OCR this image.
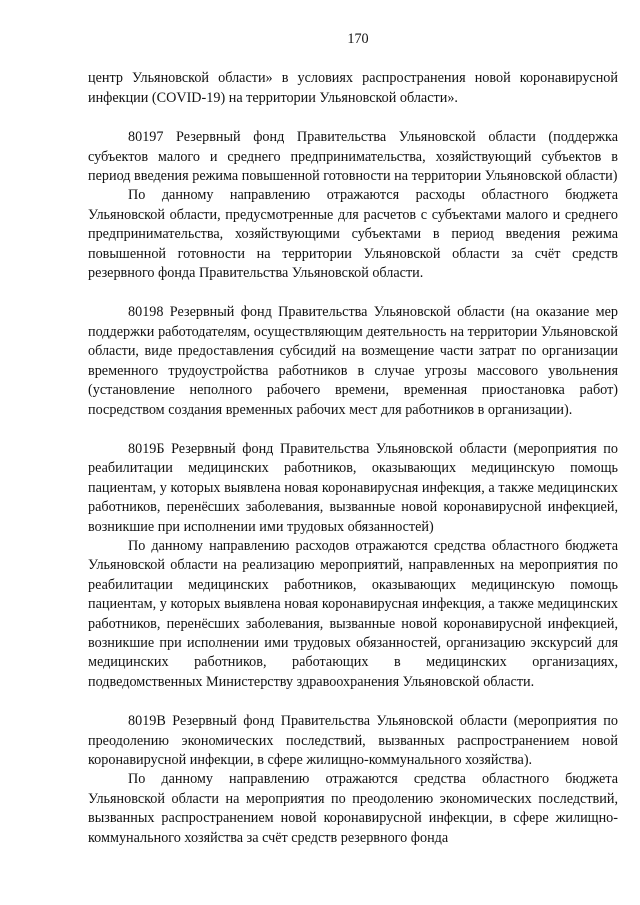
170

центр Ульяновской области» в условиях распространения новой коронавирусной инфекции (COVID-19) на территории Ульяновской области».

80197 Резервный фонд Правительства Ульяновской области (поддержка субъектов малого и среднего предпринимательства, хозяйствующий субъектов в период введения режима повышенной готовности на территории Ульяновской области)

По данному направлению отражаются расходы областного бюджета Ульяновской области, предусмотренные для расчетов с субъектами малого и среднего предпринимательства, хозяйствующими субъектами в период введения режима повышенной готовности на территории Ульяновской области за счёт средств резервного фонда Правительства Ульяновской области.

80198 Резервный фонд Правительства Ульяновской области (на оказание мер поддержки работодателям, осуществляющим деятельность на территории Ульяновской области, виде предоставления субсидий на возмещение части затрат по организации временного трудоустройства работников в случае угрозы массового увольнения (установление неполного рабочего времени, временная приостановка работ) посредством создания временных рабочих мест для работников в организации).

8019Б Резервный фонд Правительства Ульяновской области (мероприятия по реабилитации медицинских работников, оказывающих медицинскую помощь пациентам, у которых выявлена новая коронавирусная инфекция, а также медицинских работников, перенёсших заболевания, вызванные новой коронавирусной инфекцией, возникшие при исполнении ими трудовых обязанностей)

По данному направлению расходов отражаются средства областного бюджета Ульяновской области на реализацию мероприятий, направленных на мероприятия по реабилитации медицинских работников, оказывающих медицинскую помощь пациентам, у которых выявлена новая коронавирусная инфекция, а также медицинских работников, перенёсших заболевания, вызванные новой коронавирусной инфекцией, возникшие при исполнении ими трудовых обязанностей, организацию экскурсий для медицинских работников, работающих в медицинских организациях, подведомственных Министерству здравоохранения Ульяновской области.

8019В Резервный фонд Правительства Ульяновской области (мероприятия по преодолению экономических последствий, вызванных распространением новой коронавирусной инфекции, в сфере жилищно-коммунального хозяйства).

По данному направлению отражаются средства областного бюджета Ульяновской области на мероприятия по преодолению экономических последствий, вызванных распространением новой коронавирусной инфекции, в сфере жилищно-коммунального хозяйства за счёт средств резервного фонда
